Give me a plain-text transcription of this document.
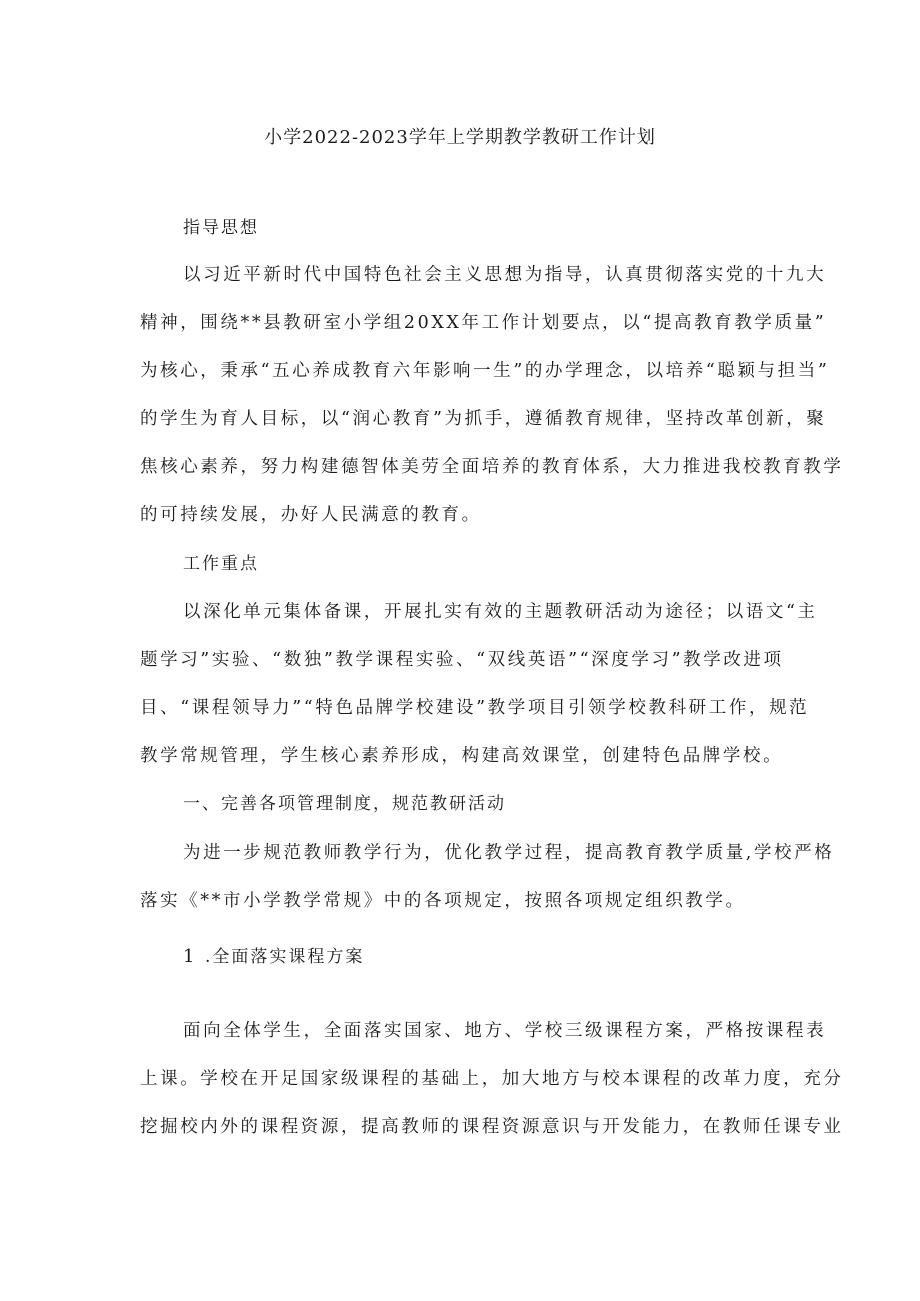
小学2022-2023学年上学期教学教研工作计划
指导思想
以习近平新时代中国特色社会主义思想为指导，认真贯彻落实党的十九大
精神，围绕**县教研室小学组20XX年工作计划要点，以“提高教育教学质量”
为核心，秉承“五心养成教育六年影响一生”的办学理念，以培养“聪颖与担当”
的学生为育人目标，以“润心教育”为抓手，遵循教育规律，坚持改革创新，聚
焦核心素养，努力构建德智体美劳全面培养的教育体系，大力推进我校教育教学
的可持续发展，办好人民满意的教育。
工作重点
以深化单元集体备课，开展扎实有效的主题教研活动为途径；以语文“主
题学习”实验、“数独”教学课程实验、“双线英语”“深度学习”教学改进项
目、“课程领导力”“特色品牌学校建设”教学项目引领学校教科研工作，规范
教学常规管理，学生核心素养形成，构建高效课堂，创建特色品牌学校。
一、完善各项管理制度，规范教研活动
为进一步规范教师教学行为，优化教学过程，提高教育教学质量,学校严格
落实《**市小学教学常规》中的各项规定，按照各项规定组织教学。
1 .全面落实课程方案
面向全体学生，全面落实国家、地方、学校三级课程方案，严格按课程表
上课。学校在开足国家级课程的基础上，加大地方与校本课程的改革力度，充分
挖掘校内外的课程资源，提高教师的课程资源意识与开发能力，在教师任课专业
